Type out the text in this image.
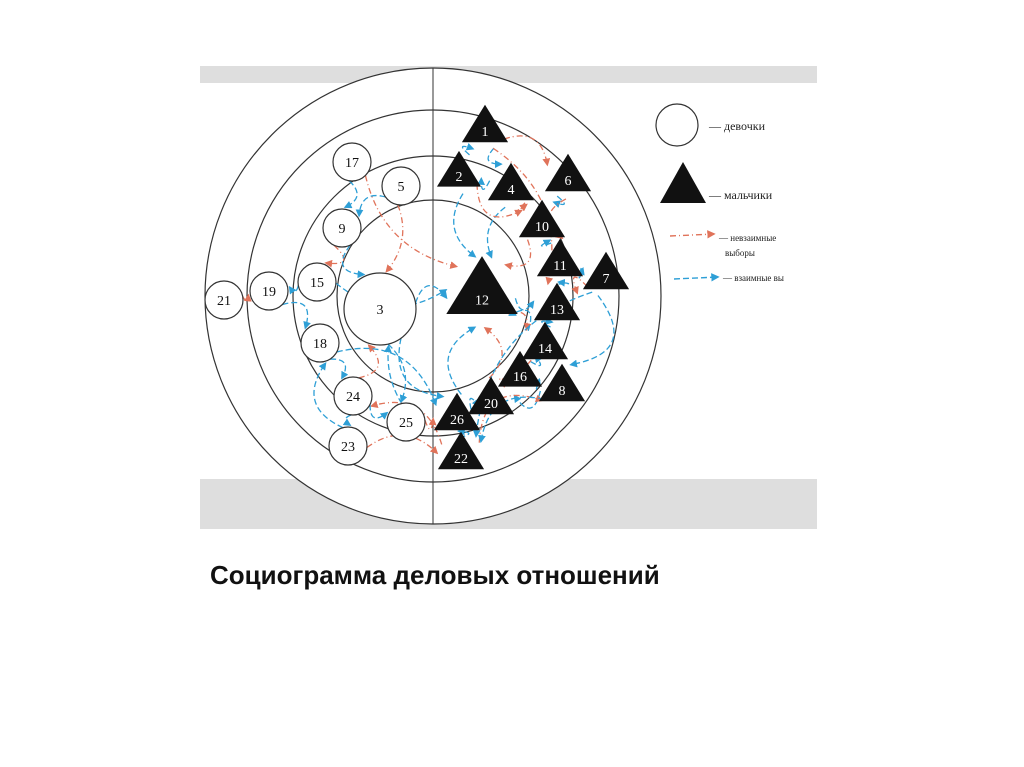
17
5
9
15
19
21
3
18
24
25
23
1
2
4
6
10
11
7
12
13
14
16
8
20
26
22
— девочки
— мальчики
— невзаимные
выборы
— взаимные вы
Социограмма деловых отношений
